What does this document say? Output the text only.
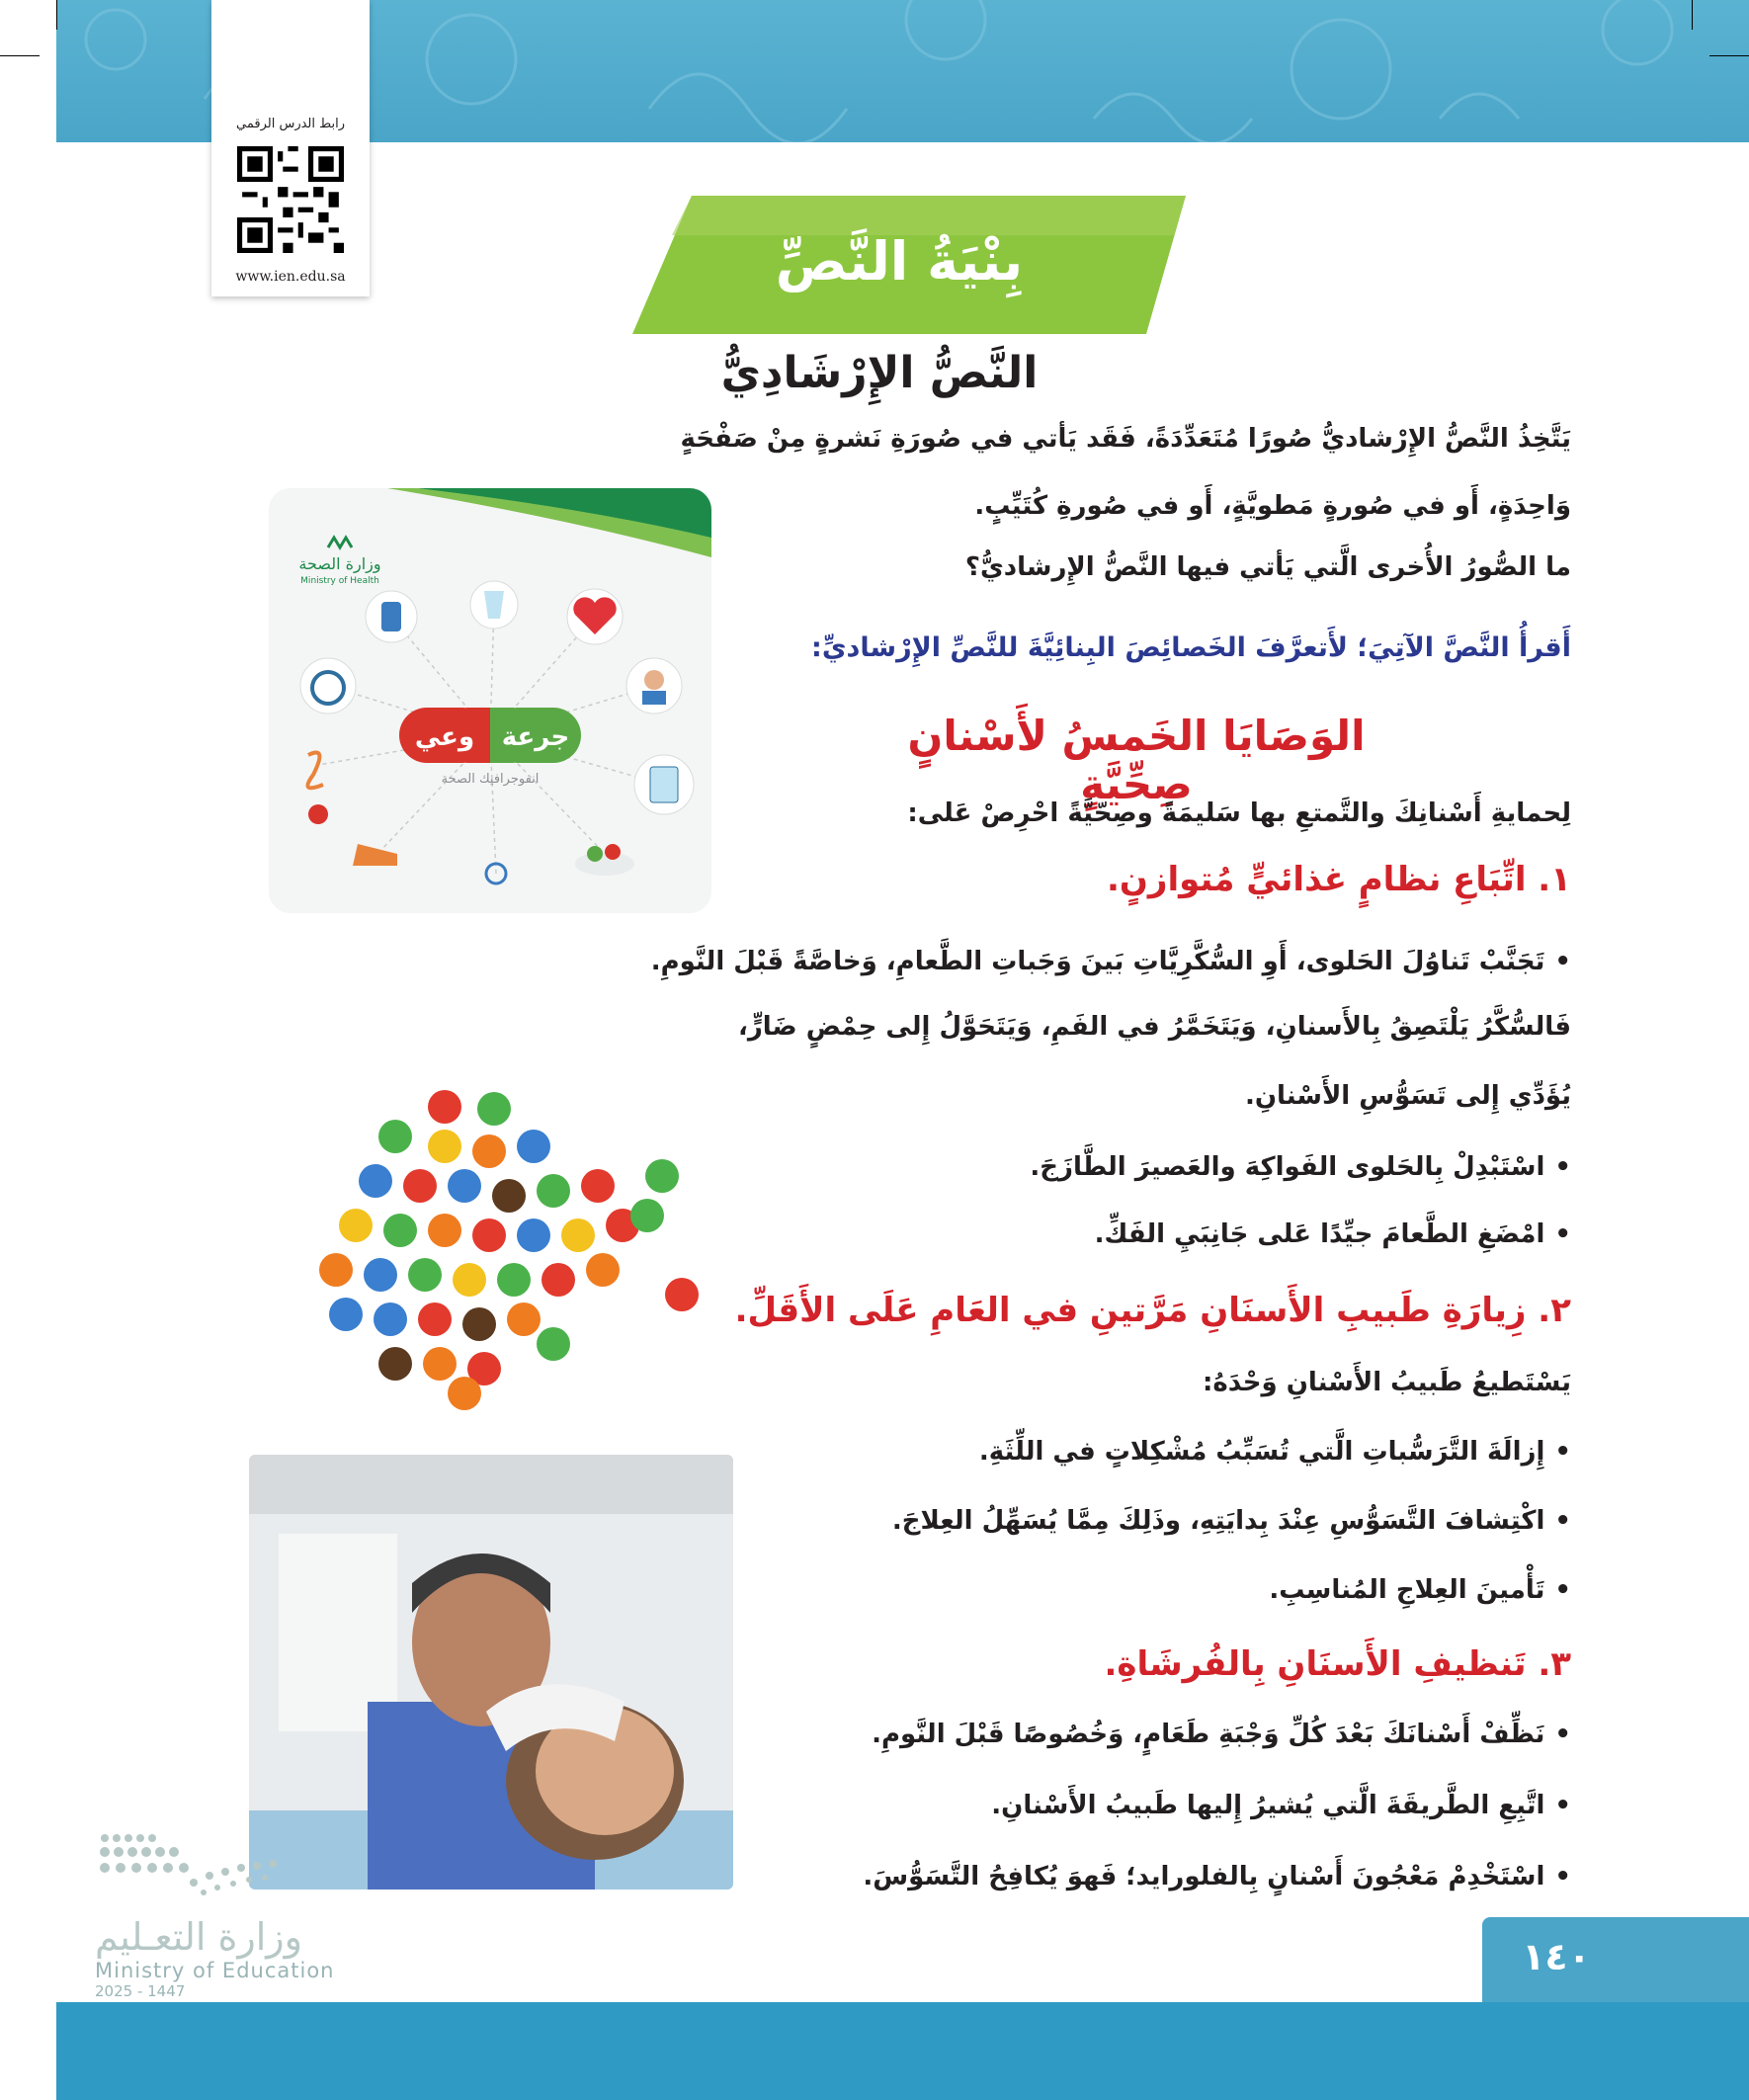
رابط الدرس الرقمي
www.ien.edu.sa	بِنْيَةُ النَّصِّ
النَّصُّ الإِرْشَادِيُّ
يَتَّخِذُ النَّصُّ الإِرْشاديُّ صُورًا مُتَعَدِّدَةً، فَقَد يَأتي في صُورَةِ نَشرةٍ مِنْ صَفْحَةٍ
وَاحِدَةٍ، أَو في صُورةٍ مَطويَّةٍ، أَو في صُورةِ كُتَيِّبٍ.
ما الصُّورُ الأُخرى الَّتي يَأتي فيها النَّصُّ الإِرشاديُّ؟
أَقرأُ النَّصَّ الآتِيَ؛ لأَتعرَّفَ الخَصائِصَ البِنائِيَّةَ للنَّصِّ الإِرْشاديِّ:
الوَصَايَا الخَمسُ لأَسْنانٍ صِحِّيَّةٍ
لِحمايةِ أَسْنانِكَ والتَّمتعِ بها سَليمَةً وصِحّيَّةً احْرِصْ عَلى:
١. اتِّبَاعِ نظامٍ غذائيٍّ مُتوازنٍ.
• تَجَنَّبْ تَناوُلَ الحَلوى، أَوِ السُّكَّرِيَّاتِ بَينَ وَجَباتِ الطَّعامِ، وَخاصَّةً قَبْلَ النَّومِ.
فَالسُّكَّرُ يَلْتَصِقُ بِالأَسنانِ، وَيَتَخَمَّرُ في الفَمِ، وَيَتَحَوَّلُ إِلى حِمْضٍ ضَارٍّ،
يُؤَدِّي إِلى تَسَوُّسِ الأَسْنانِ.
• اسْتَبْدِلْ بِالحَلوى الفَواكِهَ والعَصيرَ الطَّازَجَ.
• امْضَغِ الطَّعامَ جيِّدًا عَلى جَانِبَيِ الفَكِّ.
٢. زِيارَةِ طَبيبِ الأَسنَانِ مَرَّتينِ في العَامِ عَلَى الأَقَلِّ.
يَسْتَطيعُ طَبيبُ الأَسْنانِ وَحْدَهُ:
• إِزالَةَ التَّرَسُّباتِ الَّتي تُسَبِّبُ مُشْكِلاتٍ في اللِّثَةِ.
• اكْتِشافَ التَّسَوُّسِ عِنْدَ بِدايَتِهِ، وذَلِكَ مِمَّا يُسَهِّلُ العِلاجَ.
• تَأْمينَ العِلاجِ المُناسِبِ.
٣. تَنظيفِ الأَسنَانِ بِالفُرشَاةِ.
• نَظِّفْ أَسْنانَكَ بَعْدَ كُلِّ وَجْبَةِ طَعَامٍ، وَخُصُوصًا قَبْلَ النَّومِ.
• اتَّبِعِ الطَّريقَةَ الَّتي يُشيرُ إِليها طَبيبُ الأَسْنانِ.
• اسْتَخْدِمْ مَعْجُونَ أَسْنانٍ بِالفلورايد؛ فَهوَ يُكافِحُ التَّسَوُّسَ.
وزارة الصحة
Ministry of Health
وعي جرعة
انفوجرافيك الصحة
وزارة التعـليم
Ministry of Education
2025 - 1447
١٤٠
